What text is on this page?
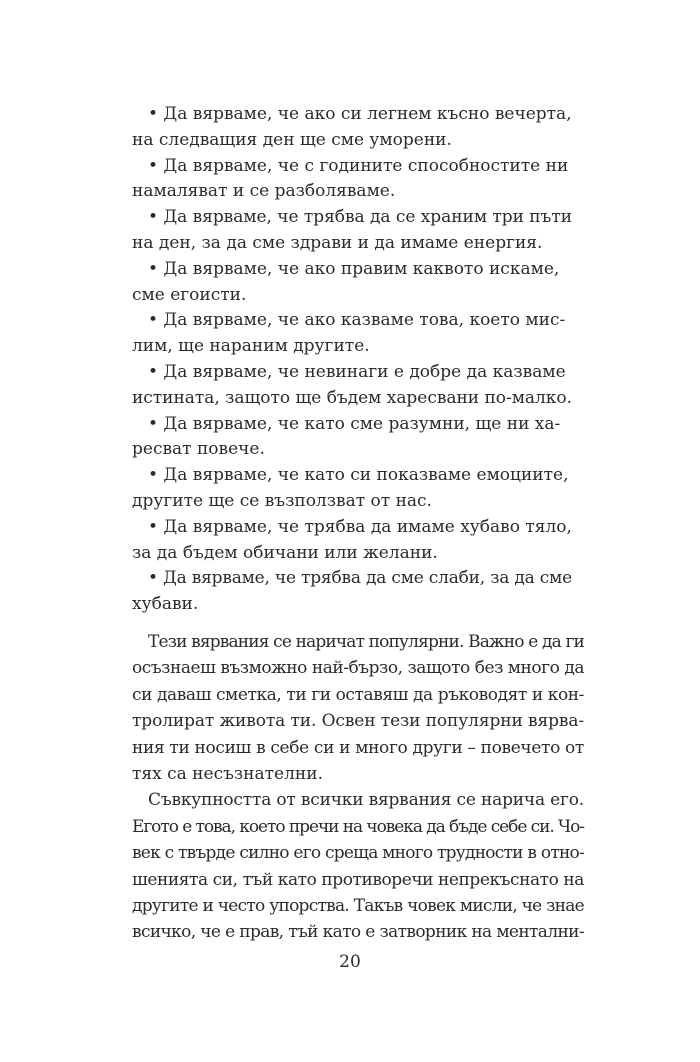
• Да вярваме, че ако си легнем късно вечерта,
на следващия ден ще сме уморени.
• Да вярваме, че с годините способностите ни
намаляват и се разболяваме.
• Да вярваме, че трябва да се храним три пъти
на ден, за да сме здрави и да имаме енергия.
• Да вярваме, че ако правим каквото искаме,
сме егоисти.
• Да вярваме, че ако казваме това, което мис-
лим, ще нараним другите.
• Да вярваме, че невинаги е добре да казваме
истината, защото ще бъдем харесвани по-малко.
• Да вярваме, че като сме разумни, ще ни ха-
ресват повече.
• Да вярваме, че като си показваме емоциите,
другите ще се възползват от нас.
• Да вярваме, че трябва да имаме хубаво тяло,
за да бъдем обичани или желани.
• Да вярваме, че трябва да сме слаби, за да сме
хубави.
Тези вярвания се наричат популярни. Важно е да ги
осъзнаеш възможно най-бързо, защото без много да
си даваш сметка, ти ги оставяш да ръководят и кон-
тролират живота ти. Освен тези популярни вярва-
ния ти носиш в себе си и много други – повечето от
тях са несъзнателни.
Съвкупността от всички вярвания се нарича его.
Егото е това, което пречи на човека да бъде себе си. Чо-
век с твърде силно его среща много трудности в отно-
шенията си, тъй като противоречи непрекъснато на
другите и често упорства. Такъв човек мисли, че знае
всичко, че е прав, тъй като е затворник на ментални-
20
